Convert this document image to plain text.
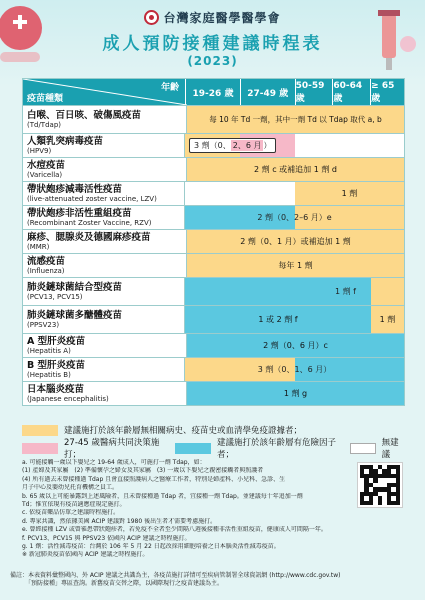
台灣家庭醫學醫學會
成人預防接種建議時程表
(2023)
年齡
疫苗種類
19-26 歲	27-49 歲
50-59 歲
60-64 歲
≥ 65 歲
白喉、百日咳、破傷風疫苗
(Td/Tdap)
每 10 年 Td 一劑，其中一劑 Td 以 Tdap 取代 a, b
人類乳突病毒疫苗
(HPV9)
3 劑（0、 2、6 月 ）
水痘疫苗
(Varicella)
2 劑 c 或補追加 1 劑 d
帶狀皰疹減毒活性疫苗
(live-attenuated zoster vaccine, LZV)
1 劑
帶狀皰疹非活性重組疫苗
(Recombinant Zoster Vaccine, RZV)
2 劑（0、2–6 月）e
麻疹、腮腺炎及德國麻疹疫苗
(MMR)
2 劑（0、1 月）或補追加 1 劑
流感疫苗
(Influenza)
每年 1 劑
肺炎鏈球菌結合型疫苗
(PCV13, PCV15)
1 劑 f
肺炎鏈球菌多醣體疫苗
(PPSV23)
1 或 2 劑 f	1 劑
A 型肝炎疫苗
(Hepatitis A)
2 劑（0、6 月）c
B 型肝炎疫苗
(Hepatitis B)
3 劑（0、1、6 月）
日本腦炎疫苗
(Japanese encephalitis)
1 劑 g
建議施打於該年齡層無相關病史、疫苗史或血清學免疫證據者；
27-45 歲醫病共同決策施打；
建議施打於該年齡層有危險因子者；
無建議
a. 可能接觸一歲以下嬰兒之 19-64 歲成人，可施打一劑 Tdap，如：
(1) 產婦及其家屬　(2) 準備懷孕之婦女及其家屬　(3) 一歲以下嬰兒之親密接觸者與照護者
(4) 所有過去未曾接種過 Tdap 且會直接照護病人之醫療工作者，特別是婦產科、小兒科、急診、生
月子中心及嬰幼兒托育機構之員工。
b. 65 歲以上可能暴露到上述風險者，且未曾接種過 Tdap 者，宜接種一劑 Tdap。並建議每十年追加一劑
Td；惟宜依現有疫苗適應症規定施打。
c. 依疫苗藥品仿單之建議時程施打。
d. 專家共識，然依據美國 ACIP 建議對 1980 後出生者才需要考慮施打。
e. 曾經接種 LZV 或曾罹患帶狀皰疹者，若免疫不全者至少間隔八週後接種非活性重組疫苗，健康成人可間隔一年。
f. PCV13、PCV15 與 PPSV23 依國內 ACIP 建議之時程施打。
g. 1 劑：活性減毒疫苗：台灣於 106 年 5 月 22 日起改採用細胞培養之日本腦炎活性減毒疫苗。
※ 新冠肺炎疫苗依國內 ACIP 建議之時程施打。
備註：本表資料彙整國內、外 ACIP 建議之共識為主，各疫苗施打詳情可至疾病管制署全球資訊網 (http://www.cdc.gov.tw)
　　　「預防接種」專區查詢。新舊疫苗交替之際，以國際現行之疫苗建議為主。
